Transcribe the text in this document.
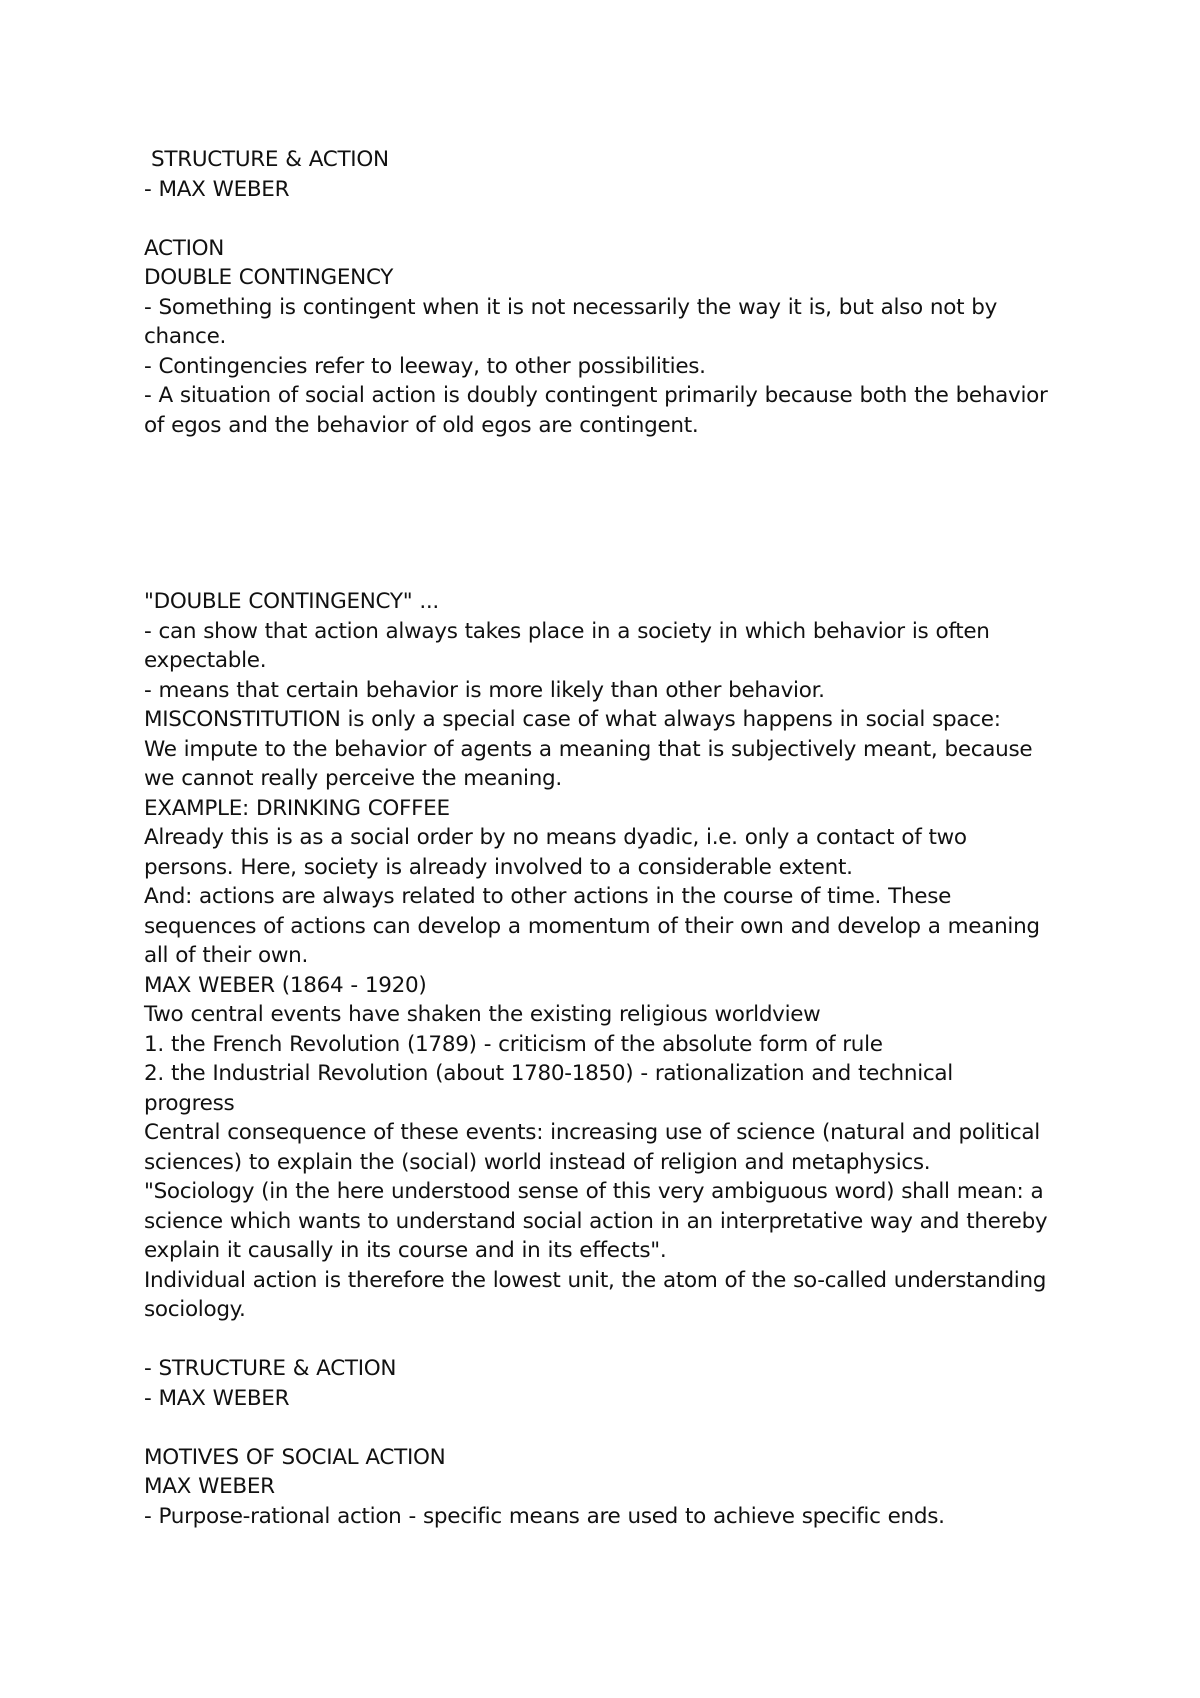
STRUCTURE & ACTION
- MAX WEBER
ACTION
DOUBLE CONTINGENCY
- Something is contingent when it is not necessarily the way it is, but also not by
chance.
- Contingencies refer to leeway, to other possibilities.
- A situation of social action is doubly contingent primarily because both the behavior
of egos and the behavior of old egos are contingent.
"DOUBLE CONTINGENCY" ...
- can show that action always takes place in a society in which behavior is often
expectable.
- means that certain behavior is more likely than other behavior.
MISCONSTITUTION is only a special case of what always happens in social space:
We impute to the behavior of agents a meaning that is subjectively meant, because
we cannot really perceive the meaning.
EXAMPLE: DRINKING COFFEE
Already this is as a social order by no means dyadic, i.e. only a contact of two
persons. Here, society is already involved to a considerable extent.
And: actions are always related to other actions in the course of time. These
sequences of actions can develop a momentum of their own and develop a meaning
all of their own.
MAX WEBER (1864 - 1920)
Two central events have shaken the existing religious worldview
1. the French Revolution (1789) - criticism of the absolute form of rule
2. the Industrial Revolution (about 1780-1850) - rationalization and technical
progress
Central consequence of these events: increasing use of science (natural and political
sciences) to explain the (social) world instead of religion and metaphysics.
"Sociology (in the here understood sense of this very ambiguous word) shall mean: a
science which wants to understand social action in an interpretative way and thereby
explain it causally in its course and in its effects".
Individual action is therefore the lowest unit, the atom of the so-called understanding
sociology.
- STRUCTURE & ACTION
- MAX WEBER
MOTIVES OF SOCIAL ACTION
MAX WEBER
- Purpose-rational action - specific means are used to achieve specific ends.
